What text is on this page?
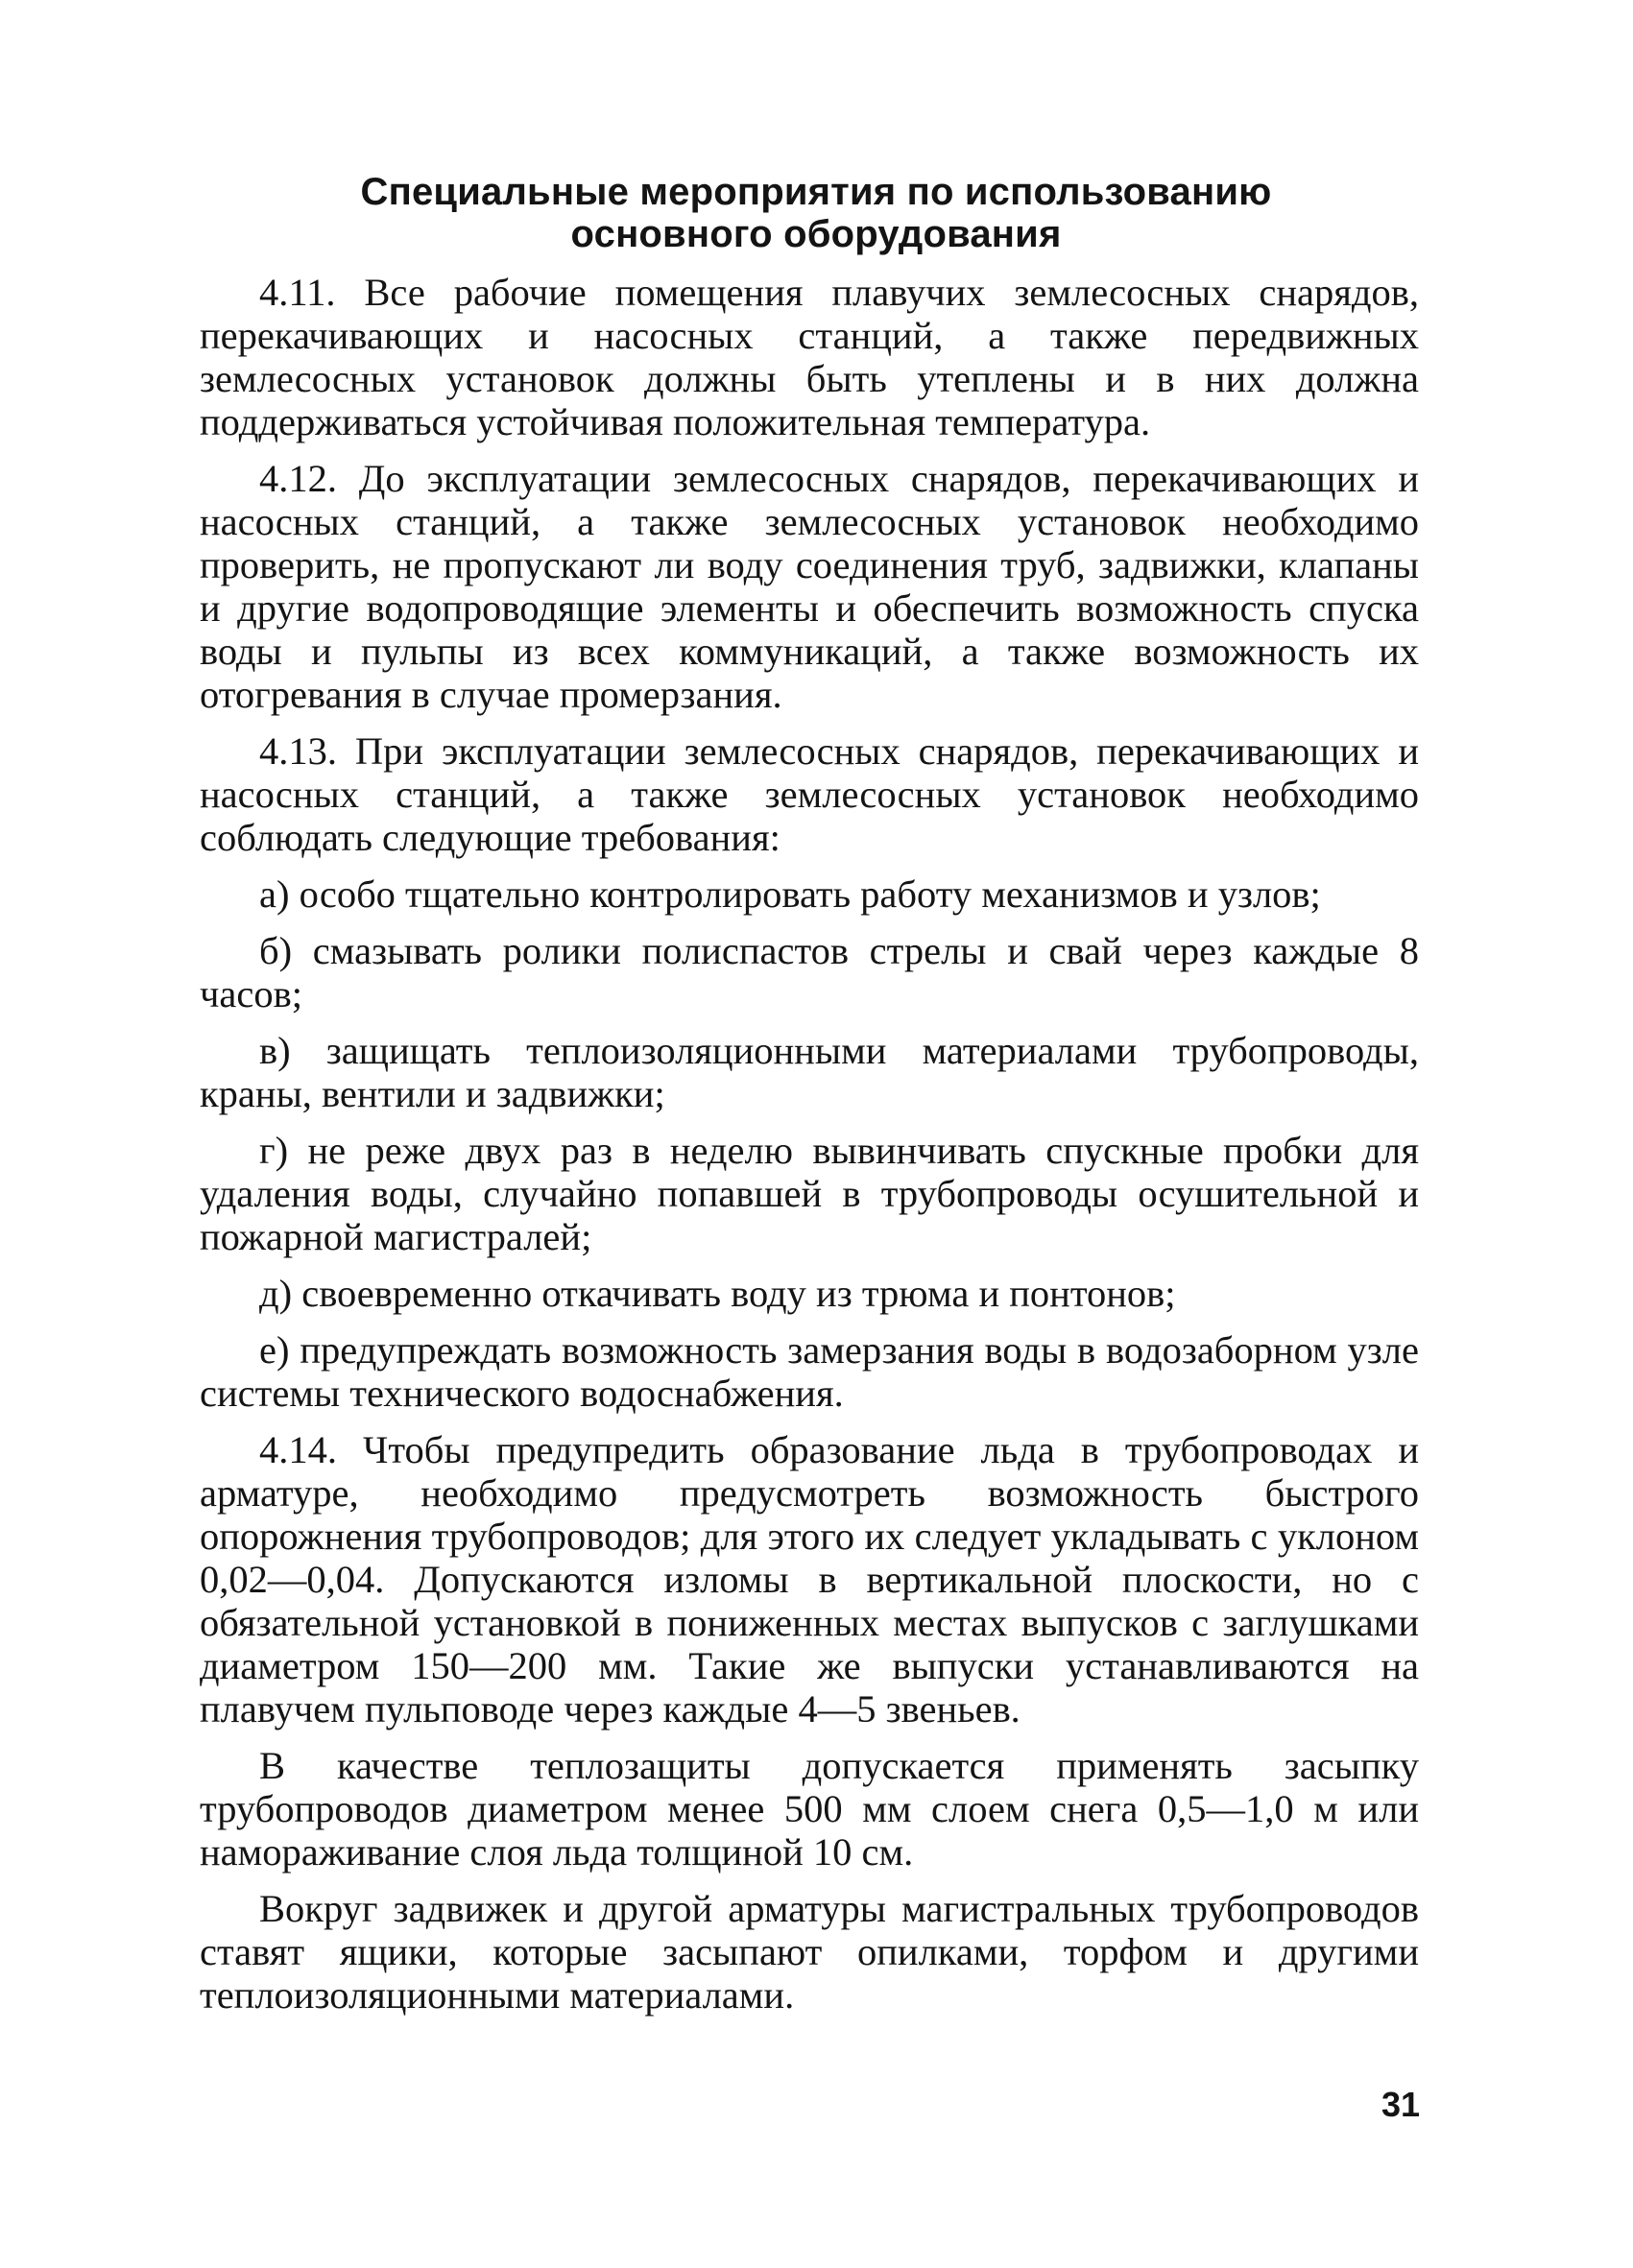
Специальные мероприятия по использованию
основного оборудования

4.11. Все рабочие помещения плавучих землесосных снарядов, перекачивающих и насосных станций, а также передвижных землесосных установок должны быть утеплены и в них должна поддерживаться устойчивая положительная температура.

4.12. До эксплуатации землесосных снарядов, перекачивающих и насосных станций, а также землесосных установок необходимо проверить, не пропускают ли воду соединения труб, задвижки, клапаны и другие водопроводящие элементы и обеспечить возможность спуска воды и пульпы из всех коммуникаций, а также возможность их отогревания в случае промерзания.

4.13. При эксплуатации землесосных снарядов, перекачивающих и насосных станций, а также землесосных установок необходимо соблюдать следующие требования:

а) особо тщательно контролировать работу механизмов и узлов;

б) смазывать ролики полиспастов стрелы и свай через каждые 8 часов;

в) защищать теплоизоляционными материалами трубопроводы, краны, вентили и задвижки;

г) не реже двух раз в неделю вывинчивать спускные пробки для удаления воды, случайно попавшей в трубопроводы осушительной и пожарной магистралей;

д) своевременно откачивать воду из трюма и понтонов;

е) предупреждать возможность замерзания воды в водозаборном узле системы технического водоснабжения.

4.14. Чтобы предупредить образование льда в трубопроводах и арматуре, необходимо предусмотреть возможность быстрого опорожнения трубопроводов; для этого их следует укладывать с уклоном 0,02—0,04. Допускаются изломы в вертикальной плоскости, но с обязательной установкой в пониженных местах выпусков с заглушками диаметром 150—200 мм. Такие же выпуски устанавливаются на плавучем пульповоде через каждые 4—5 звеньев.

В качестве теплозащиты допускается применять засыпку трубопроводов диаметром менее 500 мм слоем снега 0,5—1,0 м или намораживание слоя льда толщиной 10 см.

Вокруг задвижек и другой арматуры магистральных трубопроводов ставят ящики, которые засыпают опилками, торфом и другими теплоизоляционными материалами.

31
